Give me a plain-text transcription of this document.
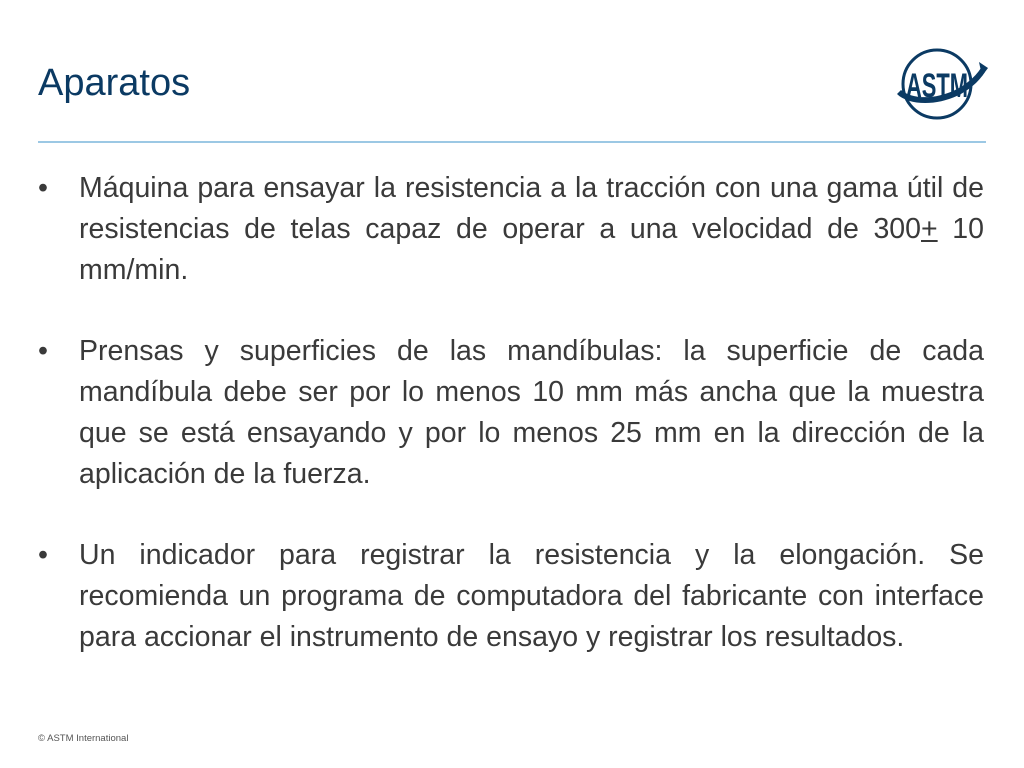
Aparatos	ASTM
•	Máquina para ensayar la resistencia a la tracción con una gama útil de resistencias de telas capaz de operar a una velocidad de 300+ 10 mm/min.
•	Prensas y superficies de las mandíbulas: la superficie de cada mandíbula debe ser por lo menos 10 mm más ancha que la muestra que se está ensayando y por lo menos 25 mm en la dirección de la aplicación de la fuerza.
•	Un indicador para registrar la resistencia y la elongación. Se recomienda un programa de computadora del fabricante con interface para accionar el instrumento de ensayo y registrar los resultados.
© ASTM International
